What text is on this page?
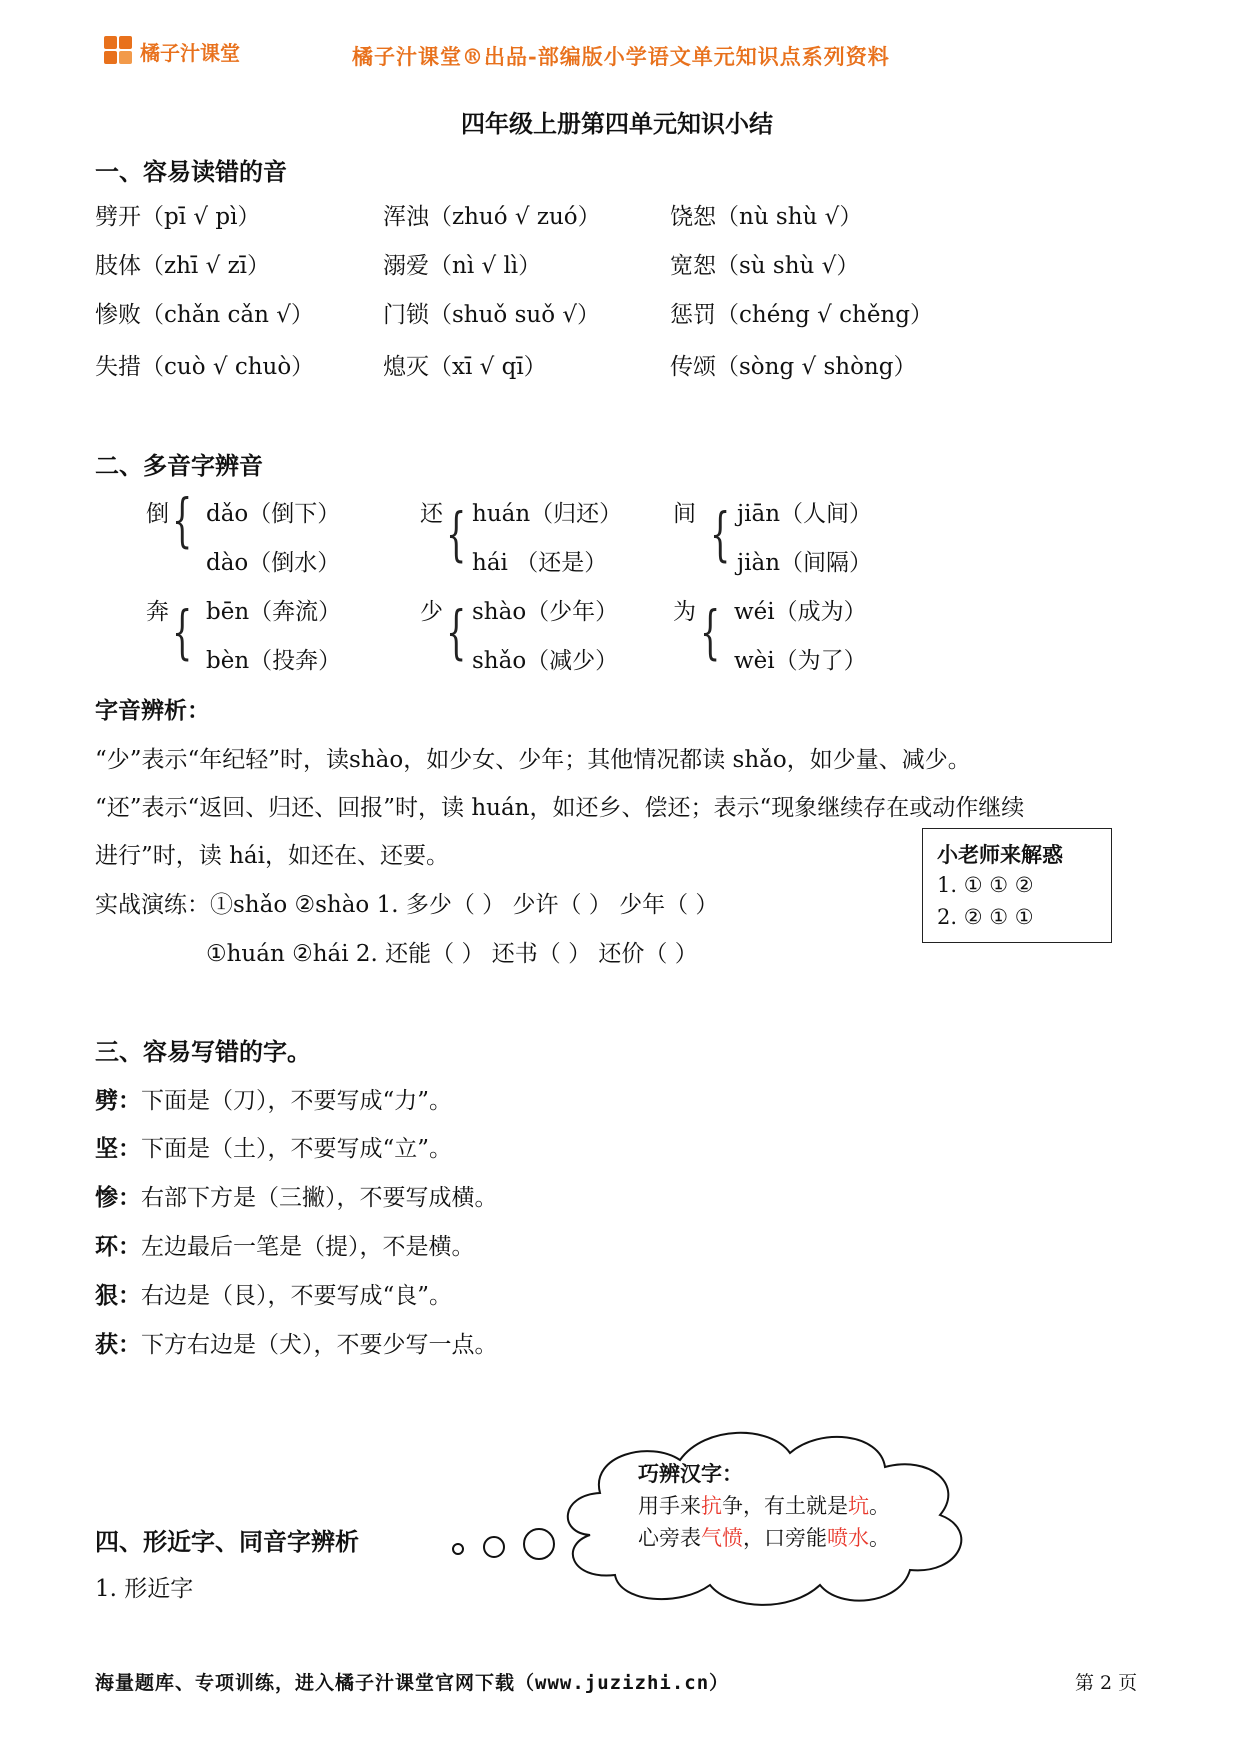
橘子汁课堂	橘子汁课堂®出品-部编版小学语文单元知识点系列资料
四年级上册第四单元知识小结
一、容易读错的音
劈开（pī √ pì）	浑浊（zhuó √ zuó）	饶恕（nù shù √）
肢体（zhī √ zī）	溺爱（nì √ lì）	宽恕（sù shù √）
惨败（chǎn cǎn √）	门锁（shuǒ suǒ √）	惩罚（chéng √ chěng）
失措（cuò √ chuò）	熄灭（xī √ qī）	传颂（sòng √ shòng）
二、多音字辨音
倒 { dǎo（倒下）
dào（倒水）
还 { huán（归还）
hái （还是）
间 { jiān（人间）
jiàn（间隔）
奔 { bēn（奔流）
bèn（投奔）
少 { shào（少年）
shǎo（减少）
为 { wéi（成为）
wèi（为了）
字音辨析：
“少”表示“年纪轻”时，读shào，如少女、少年；其他情况都读 shǎo，如少量、减少。
“还”表示“返回、归还、回报”时，读 huán，如还乡、偿还；表示“现象继续存在或动作继续
进行”时，读 hái，如还在、还要。
实战演练：①shǎo ②shào 1. 多少（ ） 少许（ ） 少年（ ）
①huán ②hái 2. 还能（ ） 还书（ ） 还价（ ）
小老师来解惑
1. ① ① ②
2. ② ① ①
三、容易写错的字。
劈：下面是（刀），不要写成“力”。
坚：下面是（土），不要写成“立”。
惨：右部下方是（三撇），不要写成横。
环：左边最后一笔是（提），不是横。
狠：右边是（艮），不要写成“良”。
获：下方右边是（犬），不要少写一点。
四、形近字、同音字辨析
1. 形近字
巧辨汉字：
用手来抗争，有土就是坑。
心旁表气愤，口旁能喷水。
海量题库、专项训练，进入橘子汁课堂官网下载（www.juzizhi.cn）	第 2 页
